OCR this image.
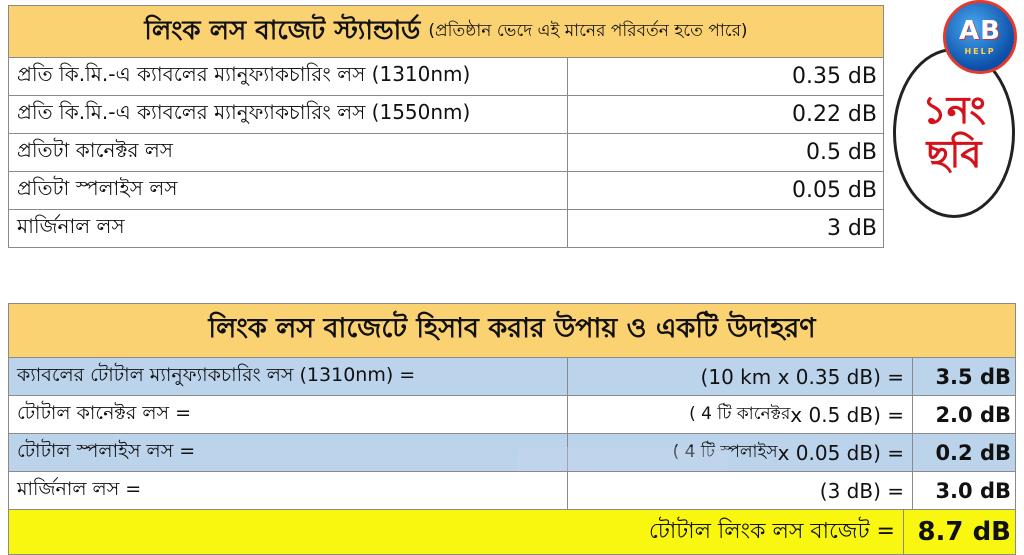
লিংক লস বাজেট স্ট্যান্ডার্ড (প্রতিষ্ঠান ভেদে এই মানের পরিবর্তন হতে পারে)
প্রতি কি.মি.-এ ক্যাবলের ম্যানুফ্যাকচারিং লস (1310nm)	0.35 dB
প্রতি কি.মি.-এ ক্যাবলের ম্যানুফ্যাকচারিং লস (1550nm)	0.22 dB
প্রতিটা কানেক্টর লস	0.5 dB
প্রতিটা স্পলাইস লস	0.05 dB
মার্জিনাল লস	3 dB
১নং
ছবি
AB
HELP
লিংক লস বাজেটে হিসাব করার উপায় ও একটি উদাহরণ
ক্যাবলের টোটাল ম্যানুফ্যাকচারিং লস (1310nm) =	(10 km x 0.35 dB) =	3.5 dB
টোটাল কানেক্টর লস =	( 4 টি কানেক্টর x 0.5 dB) =	2.0 dB
টোটাল স্পলাইস লস =	( 4 টি স্পলাইস x 0.05 dB) =	0.2 dB
মার্জিনাল লস =	(3 dB) =	3.0 dB
টোটাল লিংক লস বাজেট = 8.7 dB
